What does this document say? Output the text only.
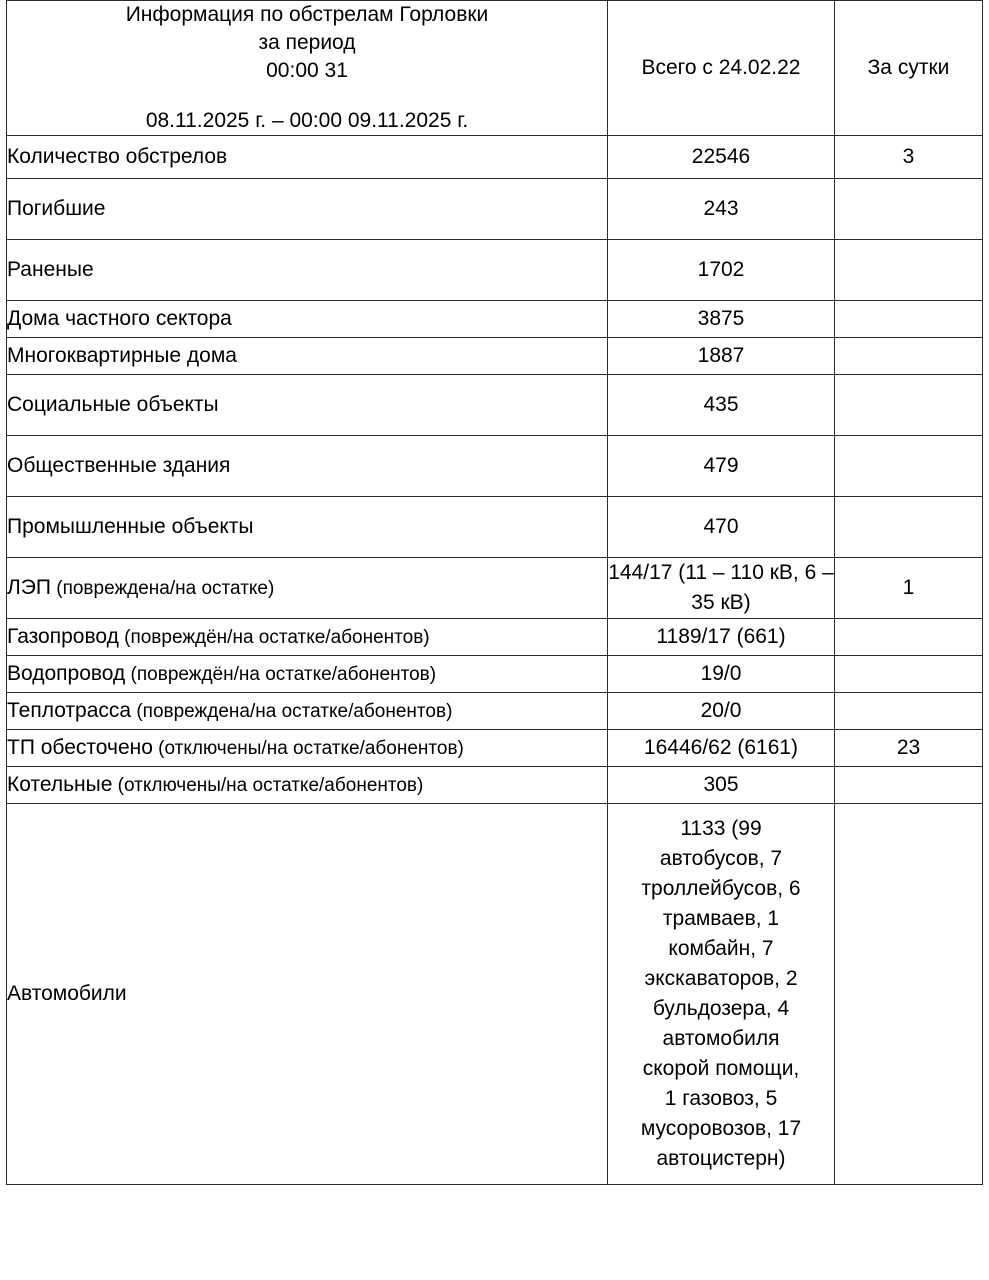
Информация по обстрелам Горловки
за период
00:00 31
08.11.2025 г. – 00:00 09.11.2025 г.	Всего с 24.02.22	За сутки
Количество обстрелов	22546	3
Погибшие	243	
Раненые	1702	
Дома частного сектора	3875	
Многоквартирные дома	1887	
Социальные объекты	435	
Общественные здания	479	
Промышленные объекты	470	
ЛЭП (повреждена/на остатке)	144/17 (11 – 110 кВ, 6 – 35 кВ)	1
Газопровод (повреждён/на остатке/абонентов)	1189/17 (661)	
Водопровод (повреждён/на остатке/абонентов)	19/0	
Теплотрасса (повреждена/на остатке/абонентов)	20/0	
ТП обесточено (отключены/на остатке/абонентов)	16446/62 (6161)	23
Котельные (отключены/на остатке/абонентов)	305	
Автомобили	1133 (99 автобусов, 7 троллейбусов, 6 трамваев, 1 комбайн, 7 экскаваторов, 2 бульдозера, 4 автомобиля скорой помощи, 1 газовоз, 5 мусоровозов, 17 автоцистерн)	
